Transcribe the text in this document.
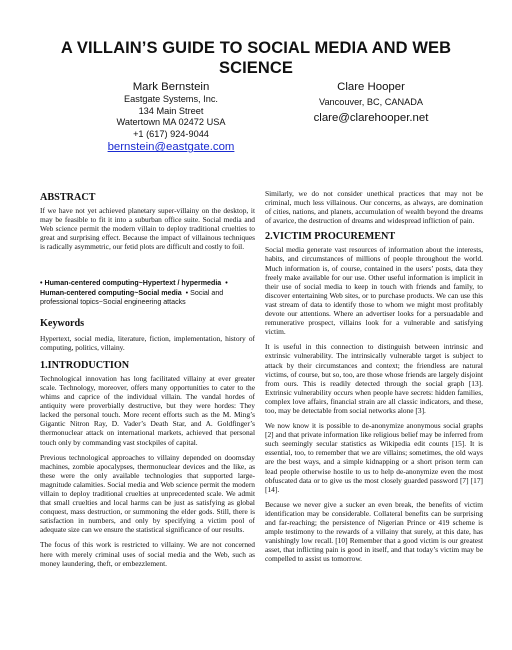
A VILLAIN’S GUIDE TO SOCIAL MEDIA AND WEB SCIENCE
Mark Bernstein
Eastgate Systems, Inc.
134 Main Street
Watertown MA 02472 USA
+1 (617) 924-9044
bernstein@eastgate.com
Clare Hooper
Vancouver, BC, CANADA
clare@clarehooper.net
ABSTRACT

If we have not yet achieved planetary super-villainy on the desktop, it may be feasible to fit it into a suburban office suite. Social media and Web science permit the modern villain to deploy traditional cruelties to great and surprising effect. Because the impact of villainous techniques is radically asymmetric, our fetid plots are difficult and costly to foil.

• Human-centered computing~Hypertext / hypermedia • Human-centered computing~Social media • Social and professional topics~Social engineering attacks
Keywords

Hypertext, social media, literature, fiction, implementation, history of computing, politics, villainy.

1.INTRODUCTION

Technological innovation has long facilitated villainy at ever greater scale. Technology, moreover, offers many opportunities to cater to the whims and caprice of the individual villain. The vandal hordes of antiquity were proverbially destructive, but they were hordes: They lacked the personal touch. More recent efforts such as the M. Ming’s Gigantic Nitron Ray, D. Vader’s Death Star, and A. Goldfinger’s thermonuclear attack on international markets, achieved that personal touch only by commanding vast stockpiles of capital.

Previous technological approaches to villainy depended on doomsday machines, zombie apocalypses, thermonuclear devices and the like, as these were the only available technologies that supported large-magnitude calamities. Social media and Web science permit the modern villain to deploy traditional cruelties at unprecedented scale. We admit that small cruelties and local harms can be just as satisfying as global conquest, mass destruction, or summoning the elder gods. Still, there is satisfaction in numbers, and only by specifying a victim pool of adequate size can we ensure the statistical significance of our results.

The focus of this work is restricted to villainy. We are not concerned here with merely criminal uses of social media and the Web, such as money laundering, theft, or embezzlement.

Similarly, we do not consider unethical practices that may not be criminal, much less villainous. Our concerns, as always, are domination of cities, nations, and planets, accumulation of wealth beyond the dreams of avarice, the destruction of dreams and widespread infliction of pain.

2.VICTIM PROCUREMENT

Social media generate vast resources of information about the interests, habits, and circumstances of millions of people throughout the world. Much information is, of course, contained in the users’ posts, data they freely make available for our use. Other useful information is implicit in their use of social media to keep in touch with friends and family, to discover entertaining Web sites, or to purchase products. We can use this vast stream of data to identify those to whom we might most profitably devote our attentions. Where an advertiser looks for a persuadable and remunerative prospect, villains look for a vulnerable and satisfying victim.

It is useful in this connection to distinguish between intrinsic and extrinsic vulnerability. The intrinsically vulnerable target is subject to attack by their circumstances and context; the friendless are natural victims, of course, but so, too, are those whose friends are largely disjoint from ours. This is readily detected through the social graph [13]. Extrinsic vulnerability occurs when people have secrets: hidden families, complex love affairs, financial strain are all classic indicators, and these, too, may be detectable from social networks alone [3].

We now know it is possible to de-anonymize anonymous social graphs [2] and that private information like religious belief may be inferred from such seemingly secular statistics as Wikipedia edit counts [15]. It is essential, too, to remember that we are villains; sometimes, the old ways are the best ways, and a simple kidnapping or a short prison term can lead people otherwise hostile to us to help de-anonymize even the most obfuscated data or to give us the most closely guarded password [7] [17] [14].

Because we never give a sucker an even break, the benefits of victim identification may be considerable. Collateral benefits can be surprising and far-reaching; the persistence of Nigerian Prince or 419 scheme is ample testimony to the rewards of a villainy that surely, at this date, has vanishingly low recall. [10] Remember that a good victim is our greatest asset, that inflicting pain is good in itself, and that today’s victim may be compelled to assist us tomorrow.
